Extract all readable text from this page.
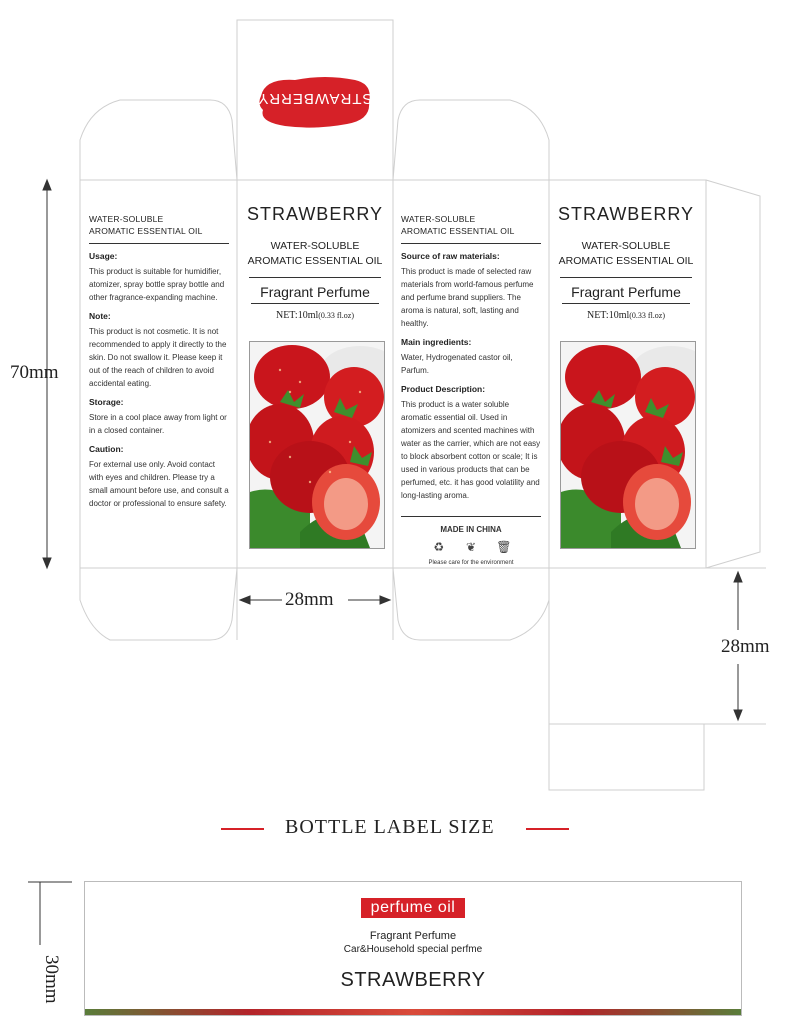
STRAWBERRY
70mm
28mm
28mm
30mm
WATER-SOLUBLE
AROMATIC ESSENTIAL OIL
Usage:

This product is suitable for humidifier, atomizer, spray bottle spray bottle and other fragrance-expanding machine.

Note:

This product is not cosmetic. It is not recommended to apply it directly to the skin. Do not swallow it. Please keep it out of the reach of children to avoid accidental eating.

Storage:

Store in a cool place away from light or in a closed container.

Caution:

For external use only. Avoid contact with eyes and children. Please try a small amount before use, and consult a doctor or professional to ensure safety.

STRAWBERRY
WATER-SOLUBLE
AROMATIC ESSENTIAL OIL
Fragrant Perfume
NET:10ml(0.33 fl.oz)
WATER-SOLUBLE
AROMATIC ESSENTIAL OIL
Source of raw materials:

This product is made of selected raw materials from world-famous perfume and perfume brand suppliers. The aroma is natural, soft, lasting and healthy.

Main ingredients:

Water, Hydrogenated castor oil, Parfum.

Product Description:

This product is a water soluble aromatic essential oil. Used in atomizers and scented machines with water as the carrier, which are not easy to block absorbent cotton or scale; It is used in various products that can be perfumed, etc. it has good volatility and long-lasting aroma.

MADE IN CHINA
♻ ❦ 🗑
Please care for the environment
STRAWBERRY
WATER-SOLUBLE
AROMATIC ESSENTIAL OIL
Fragrant Perfume
NET:10ml(0.33 fl.oz)
BOTTLE LABEL SIZE
perfume oil
Fragrant Perfume
Car&Household special perfme
STRAWBERRY
